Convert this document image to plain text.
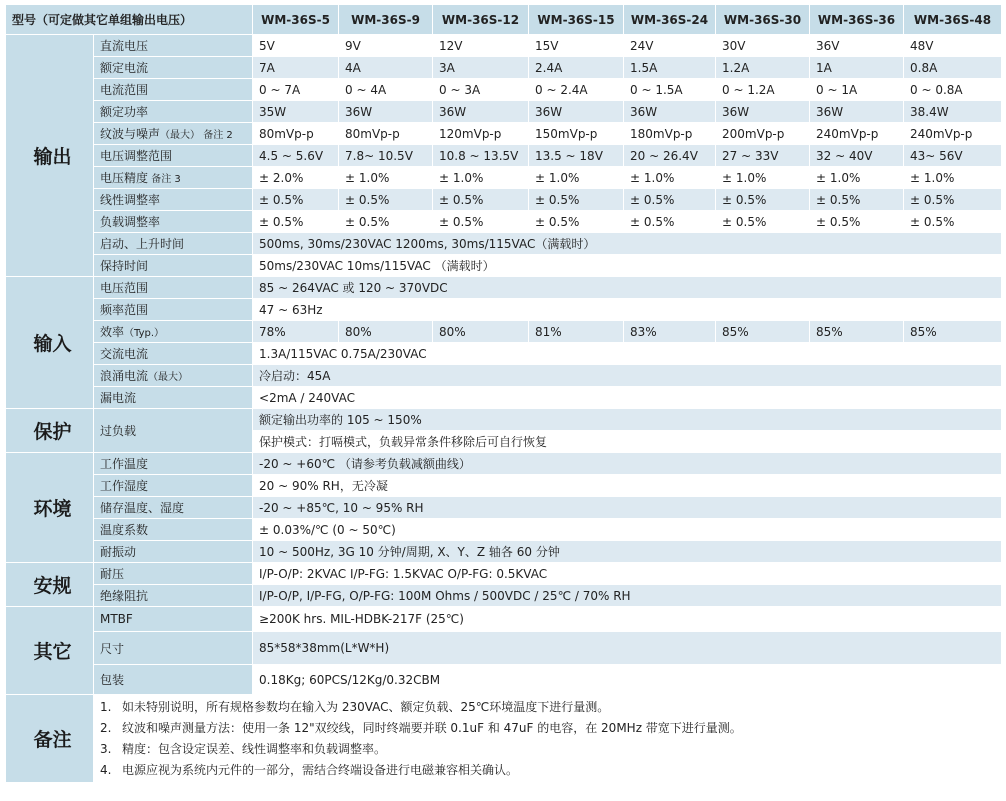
型号（可定做其它单组输出电压）		WM-36S-5	WM-36S-9	WM-36S-12	WM-36S-15	WM-36S-24	WM-36S-30	WM-36S-36	WM-36S-48
输出	直流电压	5V	9V	12V	15V	24V	30V	36V	48V
	额定电流	7A	4A	3A	2.4A	1.5A	1.2A	1A	0.8A
	电流范围	0 ~ 7A	0 ~ 4A	0 ~ 3A	0 ~ 2.4A	0 ~ 1.5A	0 ~ 1.2A	0 ~ 1A	0 ~ 0.8A
	额定功率	35W	36W	36W	36W	36W	36W	36W	38.4W
	纹波与噪声（最大） 备注 2	80mVp-p	80mVp-p	120mVp-p	150mVp-p	180mVp-p	200mVp-p	240mVp-p	240mVp-p
	电压调整范围	4.5 ~ 5.6V	7.8~ 10.5V	10.8 ~ 13.5V	13.5 ~ 18V	20 ~ 26.4V	27 ~ 33V	32 ~ 40V	43~ 56V
	电压精度 备注 3	± 2.0%	± 1.0%	± 1.0%	± 1.0%	± 1.0%	± 1.0%	± 1.0%	± 1.0%
	线性调整率	± 0.5%	± 0.5%	± 0.5%	± 0.5%	± 0.5%	± 0.5%	± 0.5%	± 0.5%
	负载调整率	± 0.5%	± 0.5%	± 0.5%	± 0.5%	± 0.5%	± 0.5%	± 0.5%	± 0.5%
	启动、上升时间	500ms, 30ms/230VAC 1200ms, 30ms/115VAC（满载时）							
	保持时间	50ms/230VAC 10ms/115VAC （满载时）							
输入	电压范围	85 ~ 264VAC 或 120 ~ 370VDC							
	频率范围	47 ~ 63Hz							
	效率（Typ.）	78%	80%	80%	81%	83%	85%	85%	85%
	交流电流	1.3A/115VAC 0.75A/230VAC							
	浪涌电流（最大）	冷启动：45A							
	漏电流	<2mA / 240VAC							
保护	过负载	额定输出功率的 105 ~ 150%							
		保护模式：打嗝模式，负载异常条件移除后可自行恢复							
环境	工作温度	-20 ~ +60℃ （请参考负载减额曲线）							
	工作湿度	20 ~ 90% RH，无冷凝							
	储存温度、湿度	-20 ~ +85℃, 10 ~ 95% RH							
	温度系数	± 0.03%/℃ (0 ~ 50℃)							
	耐振动	10 ~ 500Hz, 3G 10 分钟/周期, X、Y、Z 轴各 60 分钟							
安规	耐压	I/P-O/P: 2KVAC I/P-FG: 1.5KVAC O/P-FG: 0.5KVAC							
	绝缘阻抗	I/P-O/P, I/P-FG, O/P-FG: 100M Ohms / 500VDC / 25℃ / 70% RH							
其它	MTBF	≥200K hrs. MIL-HDBK-217F (25℃)							
	尺寸	85*58*38mm(L*W*H)							
	包装	0.18Kg; 60PCS/12Kg/0.32CBM							
备注	1. 如未特别说明，所有规格参数均在输入为 230VAC、额定负载、25℃环境温度下进行量测。
2. 纹波和噪声测量方法：使用一条 12"双绞线，同时终端要并联 0.1uF 和 47uF 的电容，在 20MHz 带宽下进行量测。
3. 精度：包含设定误差、线性调整率和负载调整率。
4. 电源应视为系统内元件的一部分，需结合终端设备进行电磁兼容相关确认。								
